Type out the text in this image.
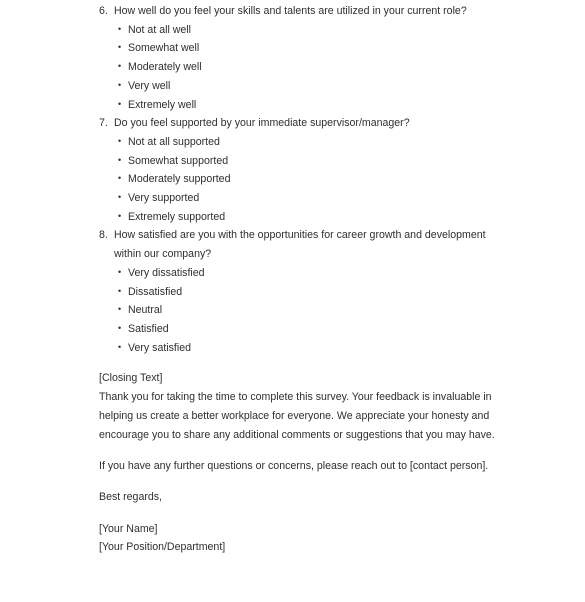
6. How well do you feel your skills and talents are utilized in your current role?
• Not at all well
• Somewhat well
• Moderately well
• Very well
• Extremely well
7. Do you feel supported by your immediate supervisor/manager?
• Not at all supported
• Somewhat supported
• Moderately supported
• Very supported
• Extremely supported
8. How satisfied are you with the opportunities for career growth and development within our company?
• Very dissatisfied
• Dissatisfied
• Neutral
• Satisfied
• Very satisfied

[Closing Text]

Thank you for taking the time to complete this survey. Your feedback is invaluable in helping us create a better workplace for everyone. We appreciate your honesty and encourage you to share any additional comments or suggestions that you may have.

If you have any further questions or concerns, please reach out to [contact person].

Best regards,

[Your Name]

[Your Position/Department]
